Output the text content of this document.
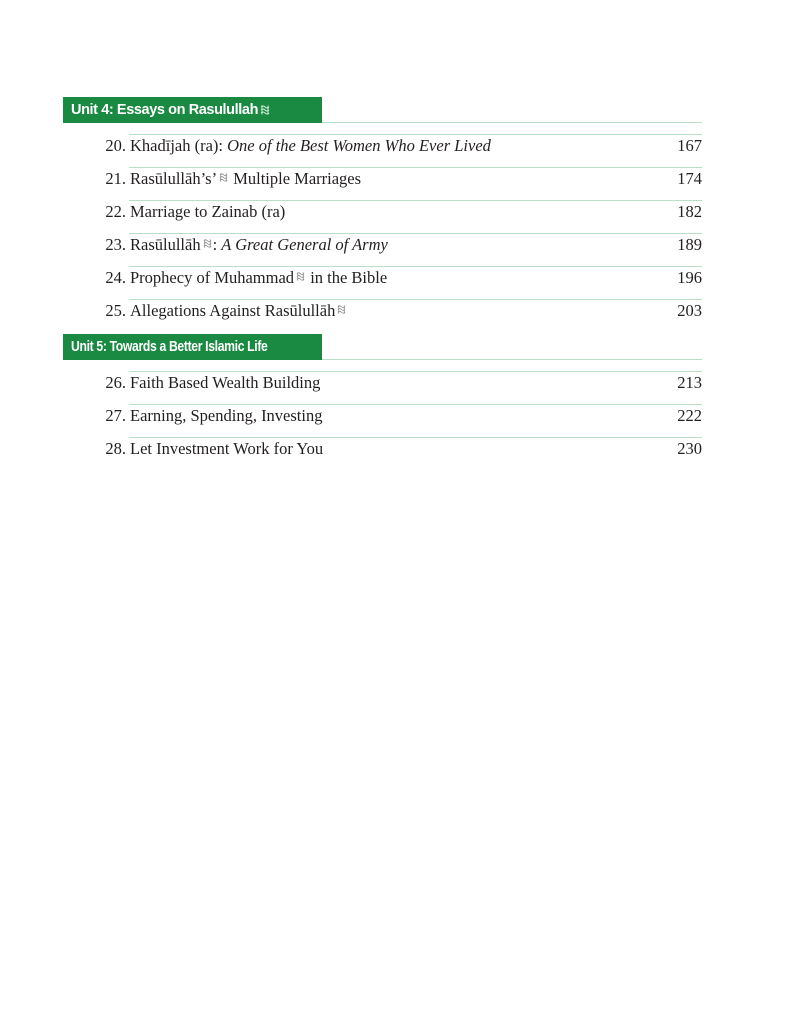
Unit 4: Essays on Rasulullah
20. Khadījah (ra): One of the Best Women Who Ever Lived	167
21. Rasūlullāh’s’ Multiple Marriages	174
22. Marriage to Zainab (ra)	182
23. Rasūlullāh : A Great General of Army	189
24. Prophecy of Muhammad in the Bible	196
25. Allegations Against Rasūlullāh	203
Unit 5: Towards a Better Islamic Life
26. Faith Based Wealth Building	213
27. Earning, Spending, Investing	222
28. Let Investment Work for You	230
